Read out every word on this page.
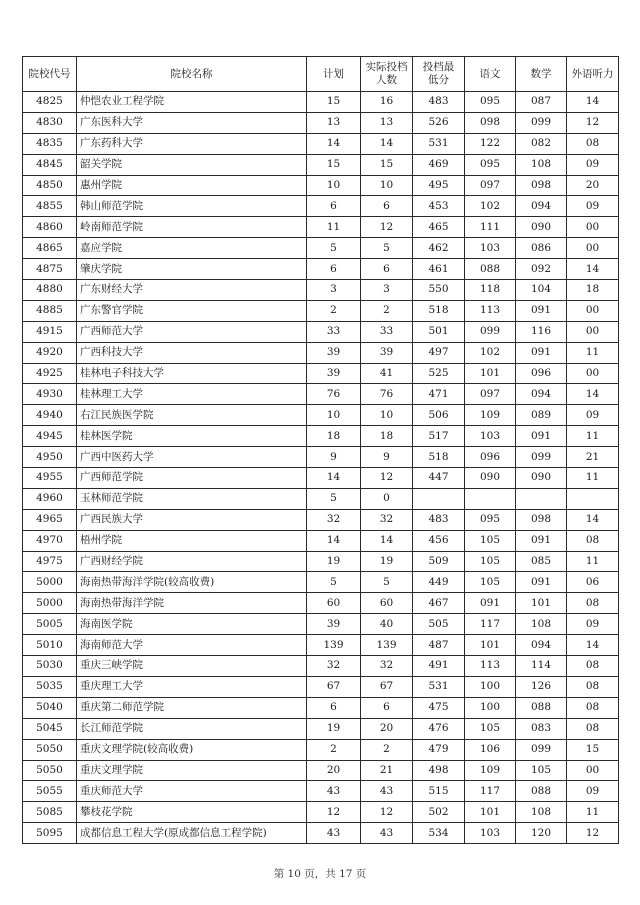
院校代号	院校名称	计划	实际投档人数	投档最低分	语文	数学	外语听力
4825	仲恺农业工程学院	15	16	483	095	087	14
4830	广东医科大学	13	13	526	098	099	12
4835	广东药科大学	14	14	531	122	082	08
4845	韶关学院	15	15	469	095	108	09
4850	惠州学院	10	10	495	097	098	20
4855	韩山师范学院	6	6	453	102	094	09
4860	岭南师范学院	11	12	465	111	090	00
4865	嘉应学院	5	5	462	103	086	00
4875	肇庆学院	6	6	461	088	092	14
4880	广东财经大学	3	3	550	118	104	18
4885	广东警官学院	2	2	518	113	091	00
4915	广西师范大学	33	33	501	099	116	00
4920	广西科技大学	39	39	497	102	091	11
4925	桂林电子科技大学	39	41	525	101	096	00
4930	桂林理工大学	76	76	471	097	094	14
4940	右江民族医学院	10	10	506	109	089	09
4945	桂林医学院	18	18	517	103	091	11
4950	广西中医药大学	9	9	518	096	099	21
4955	广西师范学院	14	12	447	090	090	11
4960	玉林师范学院	5	0				
4965	广西民族大学	32	32	483	095	098	14
4970	梧州学院	14	14	456	105	091	08
4975	广西财经学院	19	19	509	105	085	11
5000	海南热带海洋学院(较高收费)	5	5	449	105	091	06
5000	海南热带海洋学院	60	60	467	091	101	08
5005	海南医学院	39	40	505	117	108	09
5010	海南师范大学	139	139	487	101	094	14
5030	重庆三峡学院	32	32	491	113	114	08
5035	重庆理工大学	67	67	531	100	126	08
5040	重庆第二师范学院	6	6	475	100	088	08
5045	长江师范学院	19	20	476	105	083	08
5050	重庆文理学院(较高收费)	2	2	479	106	099	15
5050	重庆文理学院	20	21	498	109	105	00
5055	重庆师范大学	43	43	515	117	088	09
5085	攀枝花学院	12	12	502	101	108	11
5095	成都信息工程大学(原成都信息工程学院)	43	43	534	103	120	12
第 10 页，共 17 页
